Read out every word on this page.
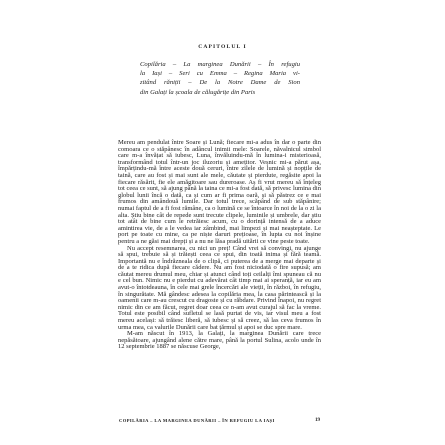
CAPITOLUL I
Copilăria – La marginea Dunării – În refugiu
la Iași – Seri cu Emma – Regina Maria vi-
zitând răniții – De la Notre Dame de Sion
din Galați la școala de călugărițe din Paris

Mereu am pendulat între Soare și Lună; fiecare mi-a adus în dar o parte din comoara ce o stăpânesc în adâncul inimii mele: Soarele, năvalnicul simbol care m-a învățat să iubesc, Luna, învăluindu-mă în lumina-i misterioasă, transformând totul într-un joc iluzoriu și amețitor. Veșnic mi-a părut așa, împărțindu-mă între aceste două ceruri, între zilele de lumină și nopțile de taină, care au fost și mai sunt ale mele, căutate și pierdute, regăsite apoi la fiecare răsărit, fie ele amăgitoare sau dureroase. Aș fi vrut mereu să înțeleg tot ceea ce sunt, să ajung până la taina ce mi-a fost dată, să privesc lumina din globul lunii încă o dată, ca și cum ar fi prima oară, și să păstrez ce e mai frumos din amândouă lumile. Dar totul trece, scăpând de sub stăpânire; numai faptul de a fi fost rămâne, ca o lumină ce se întoarce în noi de la o zi la alta. Știu bine cât de repede sunt trecute clipele, luminile și umbrele, dar știu tot atât de bine cum le retrăiesc acum, cu o dorință intensă de a aduce amintirea vie, de a le vedea iar zâmbind, mai limpezi și mai neașteptate. Le port pe toate cu mine, ca pe niște daruri prețioase, în lupta cu noi înșine pentru a ne găsi mai drepți și a nu ne lăsa pradă uitării ce vine peste toate.

Nu accept resemnarea, cu nici un preț! Când vrei să convingi, nu ajunge să spui, trebuie să și trăiești ceea ce spui, din toată inima și fără teamă. Importantă nu e îndrăzneala de o clipă, ci puterea de a merge mai departe și de a te ridica după fiecare cădere. Nu am fost niciodată o fire supusă; am căutat mereu drumul meu, chiar și atunci când toți ceilalți îmi spuneau că nu e cel bun. Nimic nu e pierdut cu adevărat cât timp mai ai speranță, iar eu am avut-o întotdeauna, în cele mai grele încercări ale vieții, în război, în refugiu, în singurătate. Mă gândesc adesea la copilăria mea, la casa părintească și la oamenii care m-au crescut cu dragoste și cu răbdare. Privind înapoi, nu regret nimic din ce am făcut, regret doar ceea ce n-am avut curajul să fac la vreme. Totul este posibil când sufletul se lasă purtat de vis, iar visul meu a fost mereu același: să trăiesc liberă, să iubesc și să creez, să las ceva frumos în urma mea, ca valurile Dunării care bat țărmul și apoi se duc spre mare.

M-am născut în 1913, la Galați, la marginea Dunării care trece nepăsătoare, ajungând alene către mare, până la portul Sulina, acolo unde în 12 septembrie 1887 se născuse George,

COPILĂRIA – LA MARGINEA DUNĂRII – ÎN REFUGIU LA IAȘI	19
